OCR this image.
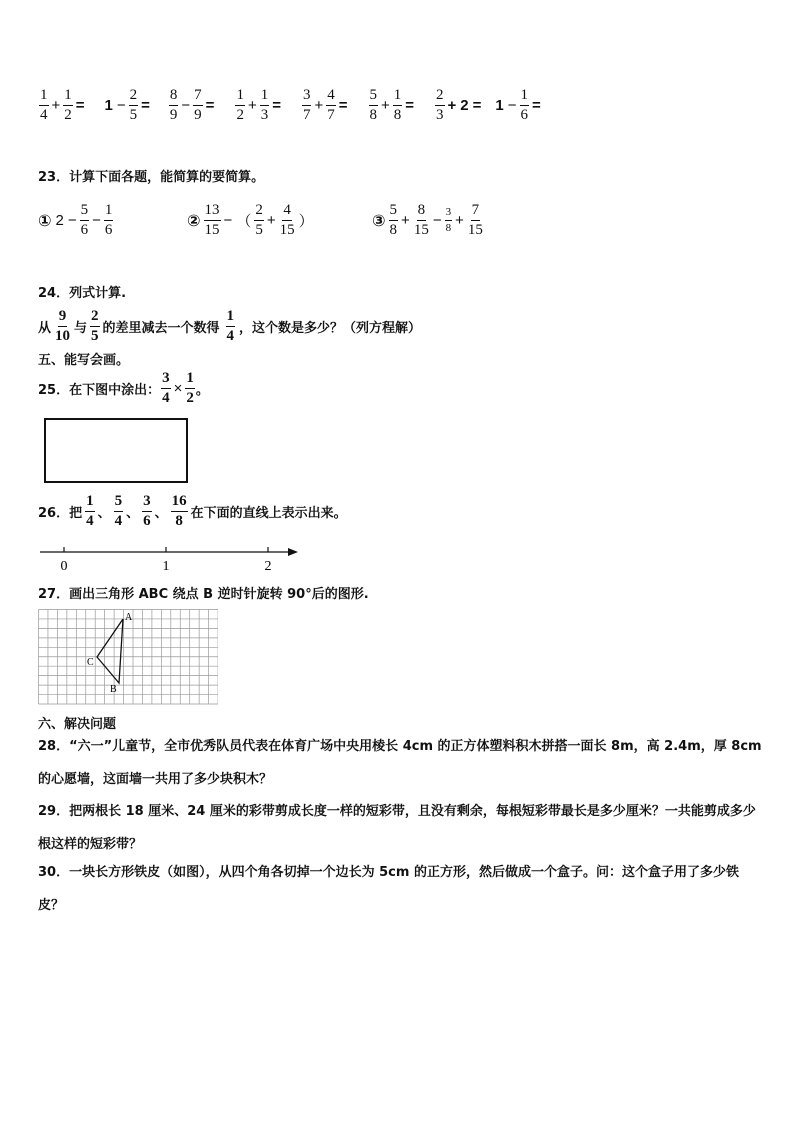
$\frac{1}{4} + \frac{1}{2} = 1 - \frac{2}{5} = \frac{8}{9} - \frac{7}{9} = \frac{1}{2} + \frac{1}{3} = \frac{3}{7} + \frac{4}{7} = \frac{5}{8} + \frac{1}{8} = \frac{2}{3} + 2 = 1 - \frac{1}{6}$ =
23．计算下面各题，能简算的要简算。
① $2 - \frac{5}{6} - \frac{1}{6}$	② $\frac{13}{15}$ − （ $\frac{2}{5} + \frac{4}{15}$ ）	③ $\frac{5}{8} + \frac{8}{15} - \frac{3}{8} + \frac{7}{15}$
24．列式计算.
从 $\frac{9}{10}$ 与 $\frac{2}{5}$ 的差里减去一个数得 $\frac{1}{4}$ ，这个数是多少？（列方程解）
五、能写会画。
25．在下图中涂出： $\frac{3}{4} \times \frac{1}{2}$ 。
26．把 $\frac{1}{4}$ 、 $\frac{5}{4}$ 、 $\frac{3}{6}$ 、 $\frac{16}{8}$ 在下面的直线上表示出来。
0	1	2
27．画出三角形 ABC 绕点 B 逆时针旋转 90°后的图形.
A
C
B
六、解决问题
28．“六一”儿童节，全市优秀队员代表在体育广场中央用棱长 4cm 的正方体塑料积木拼搭一面长 8m，高 2.4m，厚 8cm 的心愿墙，这面墙一共用了多少块积木？
29．把两根长 18 厘米、24 厘米的彩带剪成长度一样的短彩带，且没有剩余，每根短彩带最长是多少厘米？一共能剪成多少根这样的短彩带？
30．一块长方形铁皮（如图），从四个角各切掉一个边长为 5cm 的正方形，然后做成一个盒子。问：这个盒子用了多少铁皮？
